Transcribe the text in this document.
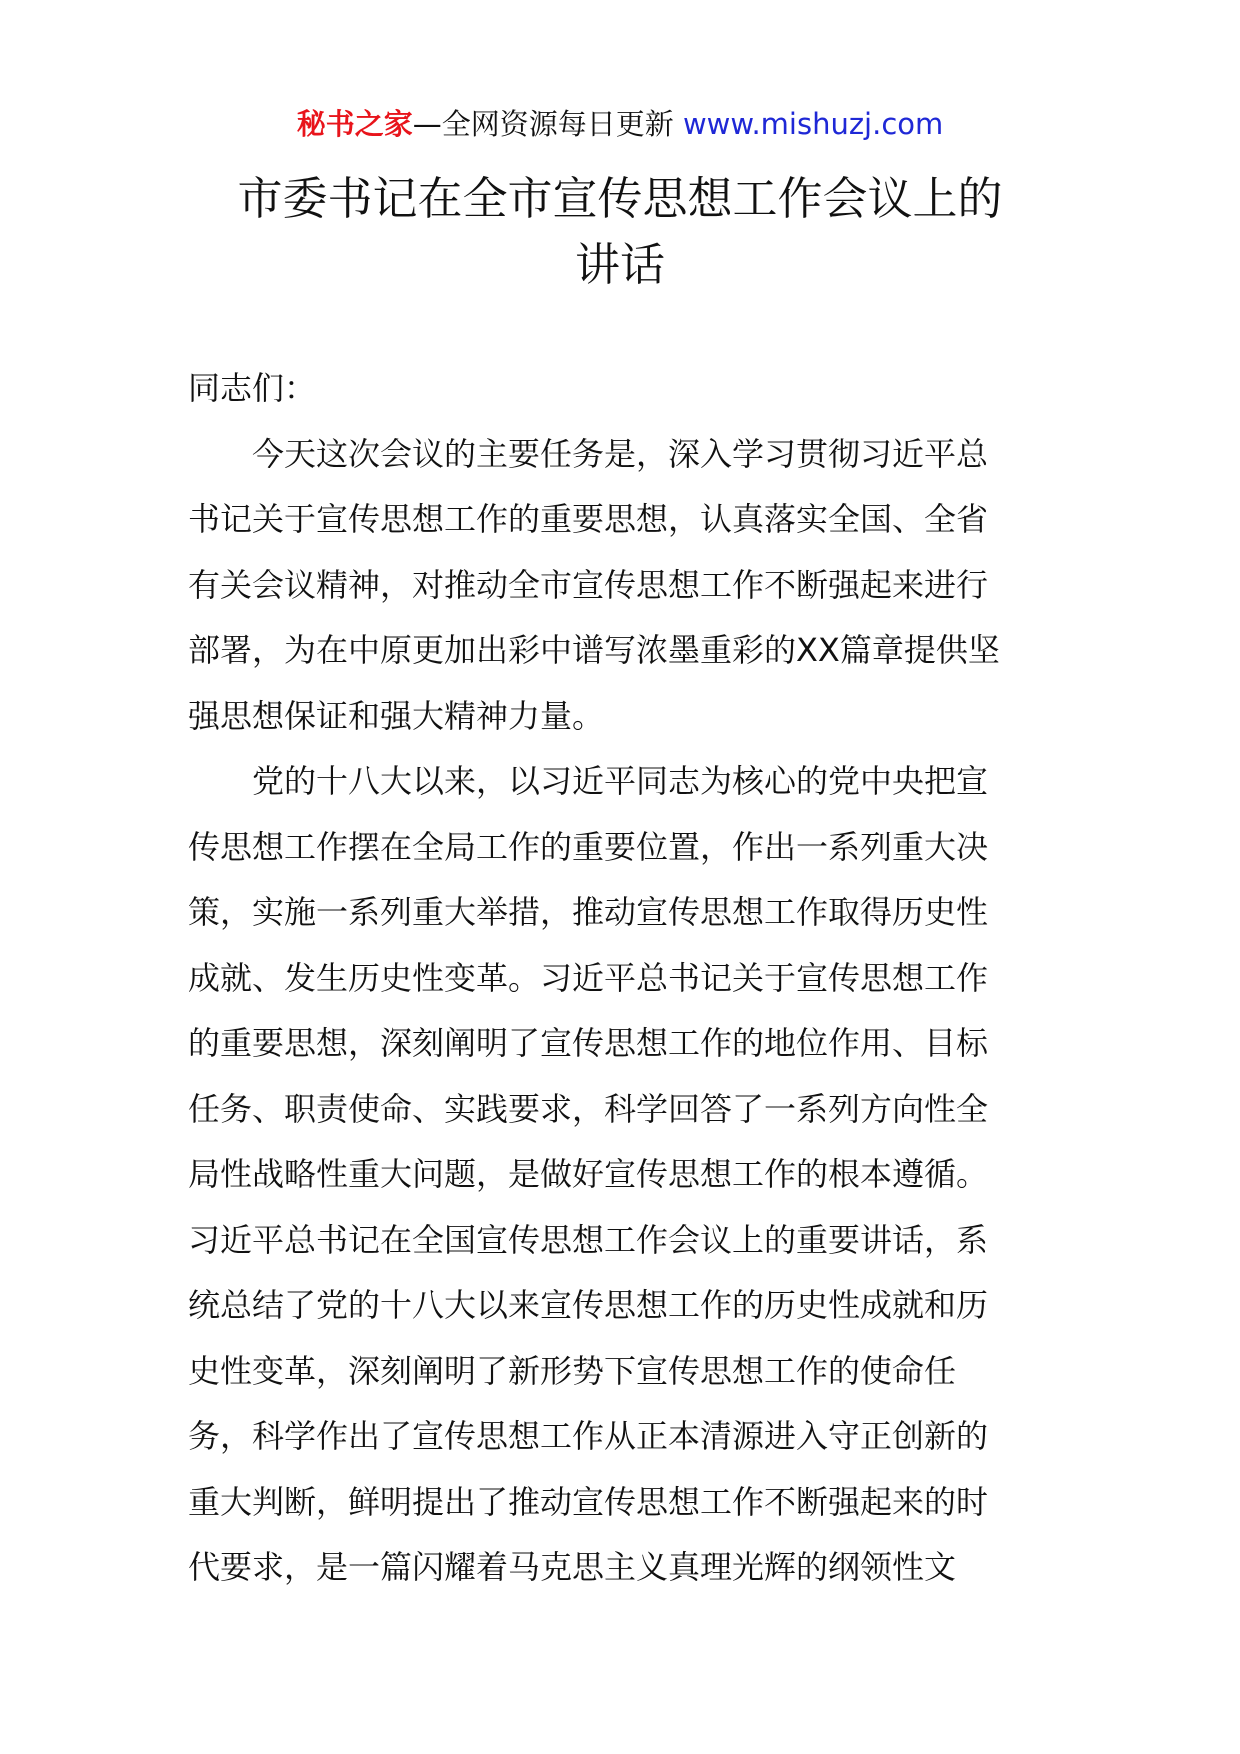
秘书之家—全网资源每日更新 www.mishuzj.com
市委书记在全市宣传思想工作会议上的
讲话

同志们：

　　今天这次会议的主要任务是，深入学习贯彻习近平总
书记关于宣传思想工作的重要思想，认真落实全国、全省
有关会议精神，对推动全市宣传思想工作不断强起来进行
部署，为在中原更加出彩中谱写浓墨重彩的XX篇章提供坚
强思想保证和强大精神力量。

　　党的十八大以来，以习近平同志为核心的党中央把宣
传思想工作摆在全局工作的重要位置，作出一系列重大决
策，实施一系列重大举措，推动宣传思想工作取得历史性
成就、发生历史性变革。习近平总书记关于宣传思想工作
的重要思想，深刻阐明了宣传思想工作的地位作用、目标
任务、职责使命、实践要求，科学回答了一系列方向性全
局性战略性重大问题，是做好宣传思想工作的根本遵循。
习近平总书记在全国宣传思想工作会议上的重要讲话，系
统总结了党的十八大以来宣传思想工作的历史性成就和历
史性变革，深刻阐明了新形势下宣传思想工作的使命任
务，科学作出了宣传思想工作从正本清源进入守正创新的
重大判断，鲜明提出了推动宣传思想工作不断强起来的时
代要求，是一篇闪耀着马克思主义真理光辉的纲领性文
